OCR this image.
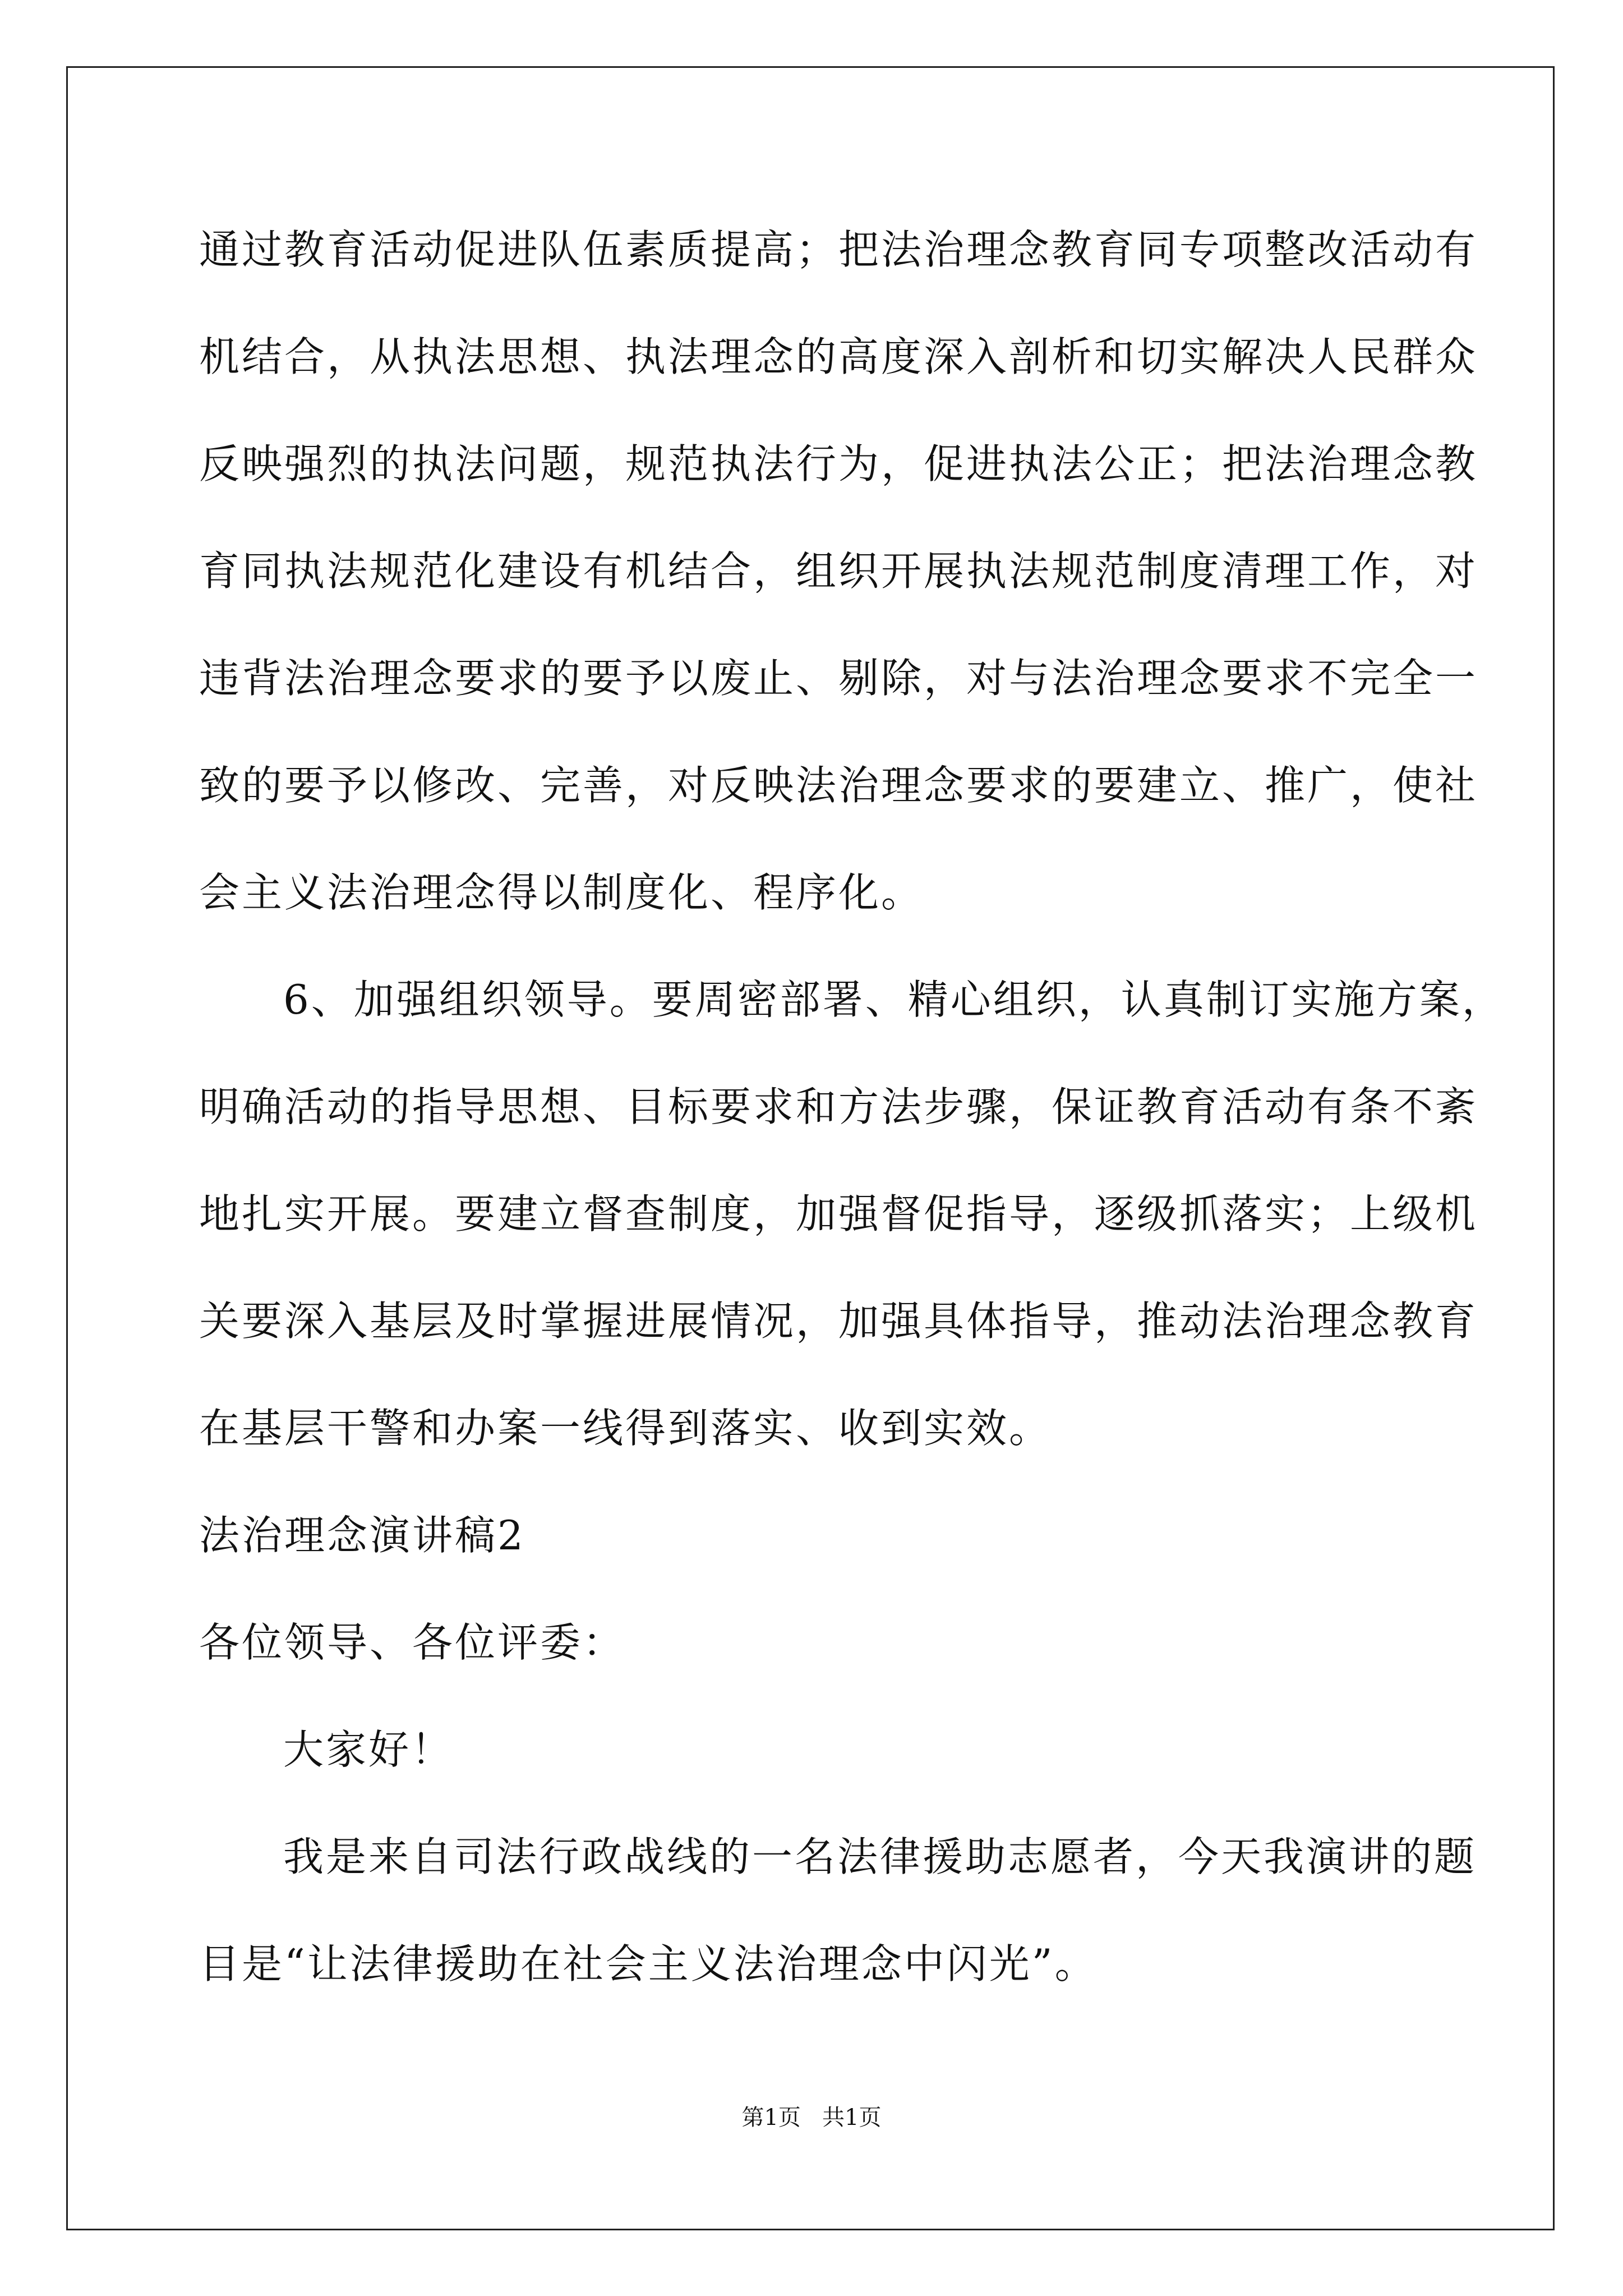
通过教育活动促进队伍素质提高；把法治理念教育同专项整改活动有
机结合，从执法思想、执法理念的高度深入剖析和切实解决人民群众
反映强烈的执法问题，规范执法行为，促进执法公正；把法治理念教
育同执法规范化建设有机结合，组织开展执法规范制度清理工作，对
违背法治理念要求的要予以废止、剔除，对与法治理念要求不完全一
致的要予以修改、完善，对反映法治理念要求的要建立、推广，使社
会主义法治理念得以制度化、程序化。
6、加强组织领导。要周密部署、精心组织，认真制订实施方案，
明确活动的指导思想、目标要求和方法步骤，保证教育活动有条不紊
地扎实开展。要建立督查制度，加强督促指导，逐级抓落实；上级机
关要深入基层及时掌握进展情况，加强具体指导，推动法治理念教育
在基层干警和办案一线得到落实、收到实效。
法治理念演讲稿2
各位领导、各位评委：
大家好！
我是来自司法行政战线的一名法律援助志愿者，今天我演讲的题
目是“让法律援助在社会主义法治理念中闪光”。
第1页   共1页
